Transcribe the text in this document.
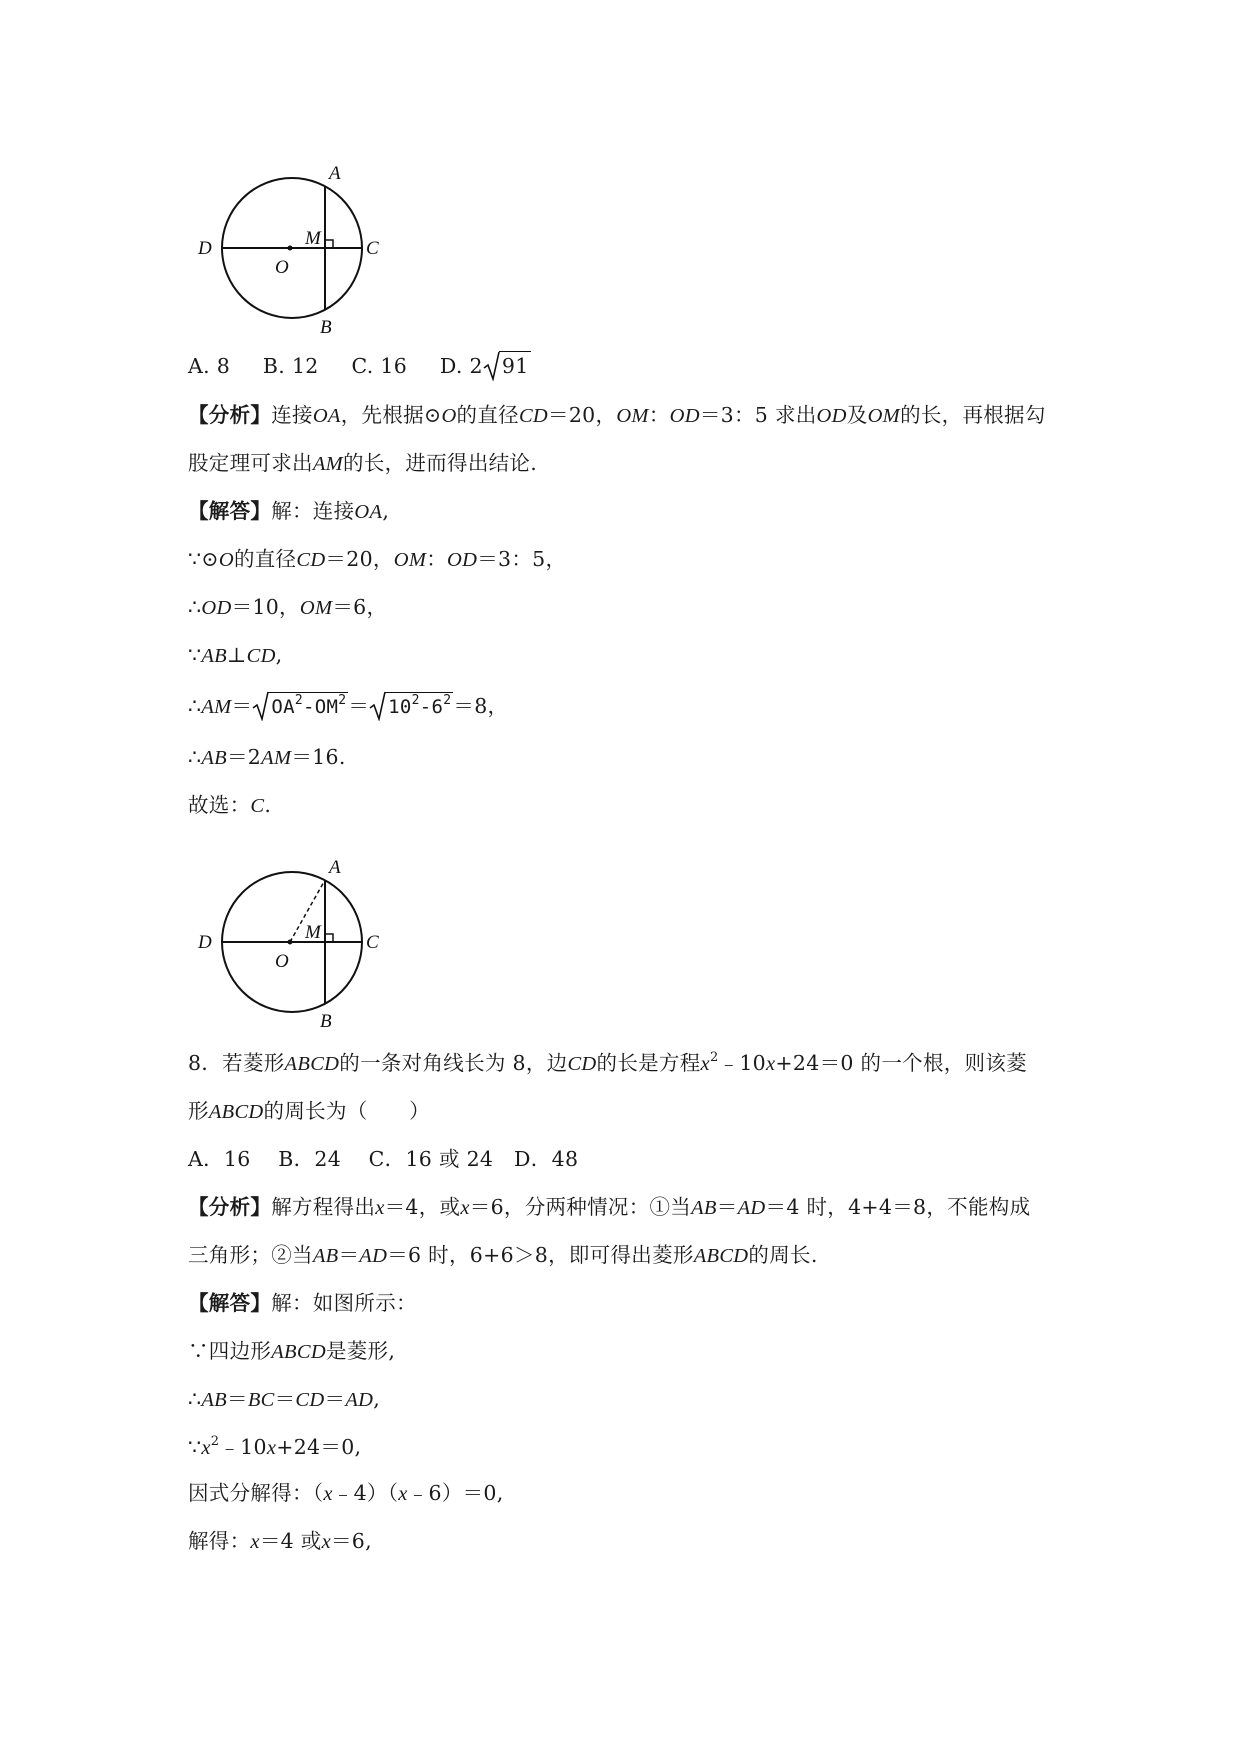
A
B
C
D
O
M
A. 8 B. 12 C. 16 D. 2 91
【分析】连接OA，先根据⊙O的直径CD＝20，OM：OD＝3：5 求出OD及OM的长，再根据勾
股定理可求出AM的长，进而得出结论.
【解答】解：连接OA,
∵⊙O的直径CD＝20，OM：OD＝3：5，
∴OD＝10，OM＝6，
∵AB⊥CD,
∴AM＝ $OA^2-OM^2= 10^2-6^2=8$，
∴AB＝2AM＝16.
故选：C.
A
B
C
D
O
M
8．若菱形ABCD的一条对角线长为 8，边CD的长是方程$x^2﹣10x+24=0$ 的一个根，则该菱
形ABCD的周长为（　　）
A．16　 B．24　 C．16 或 24　D．48
【分析】解方程得出x＝4，或x＝6，分两种情况：①当AB＝AD＝4 时，4+4＝8，不能构成
三角形；②当AB＝AD＝6 时，6+6＞8，即可得出菱形ABCD的周长.
【解答】解：如图所示：
∵四边形ABCD是菱形,
∴AB＝BC＝CD＝AD,
$\because x^2﹣10x+24=0$,
因式分解得：（x﹣4）（x﹣6）＝0,
解得：x＝4 或x＝6,
